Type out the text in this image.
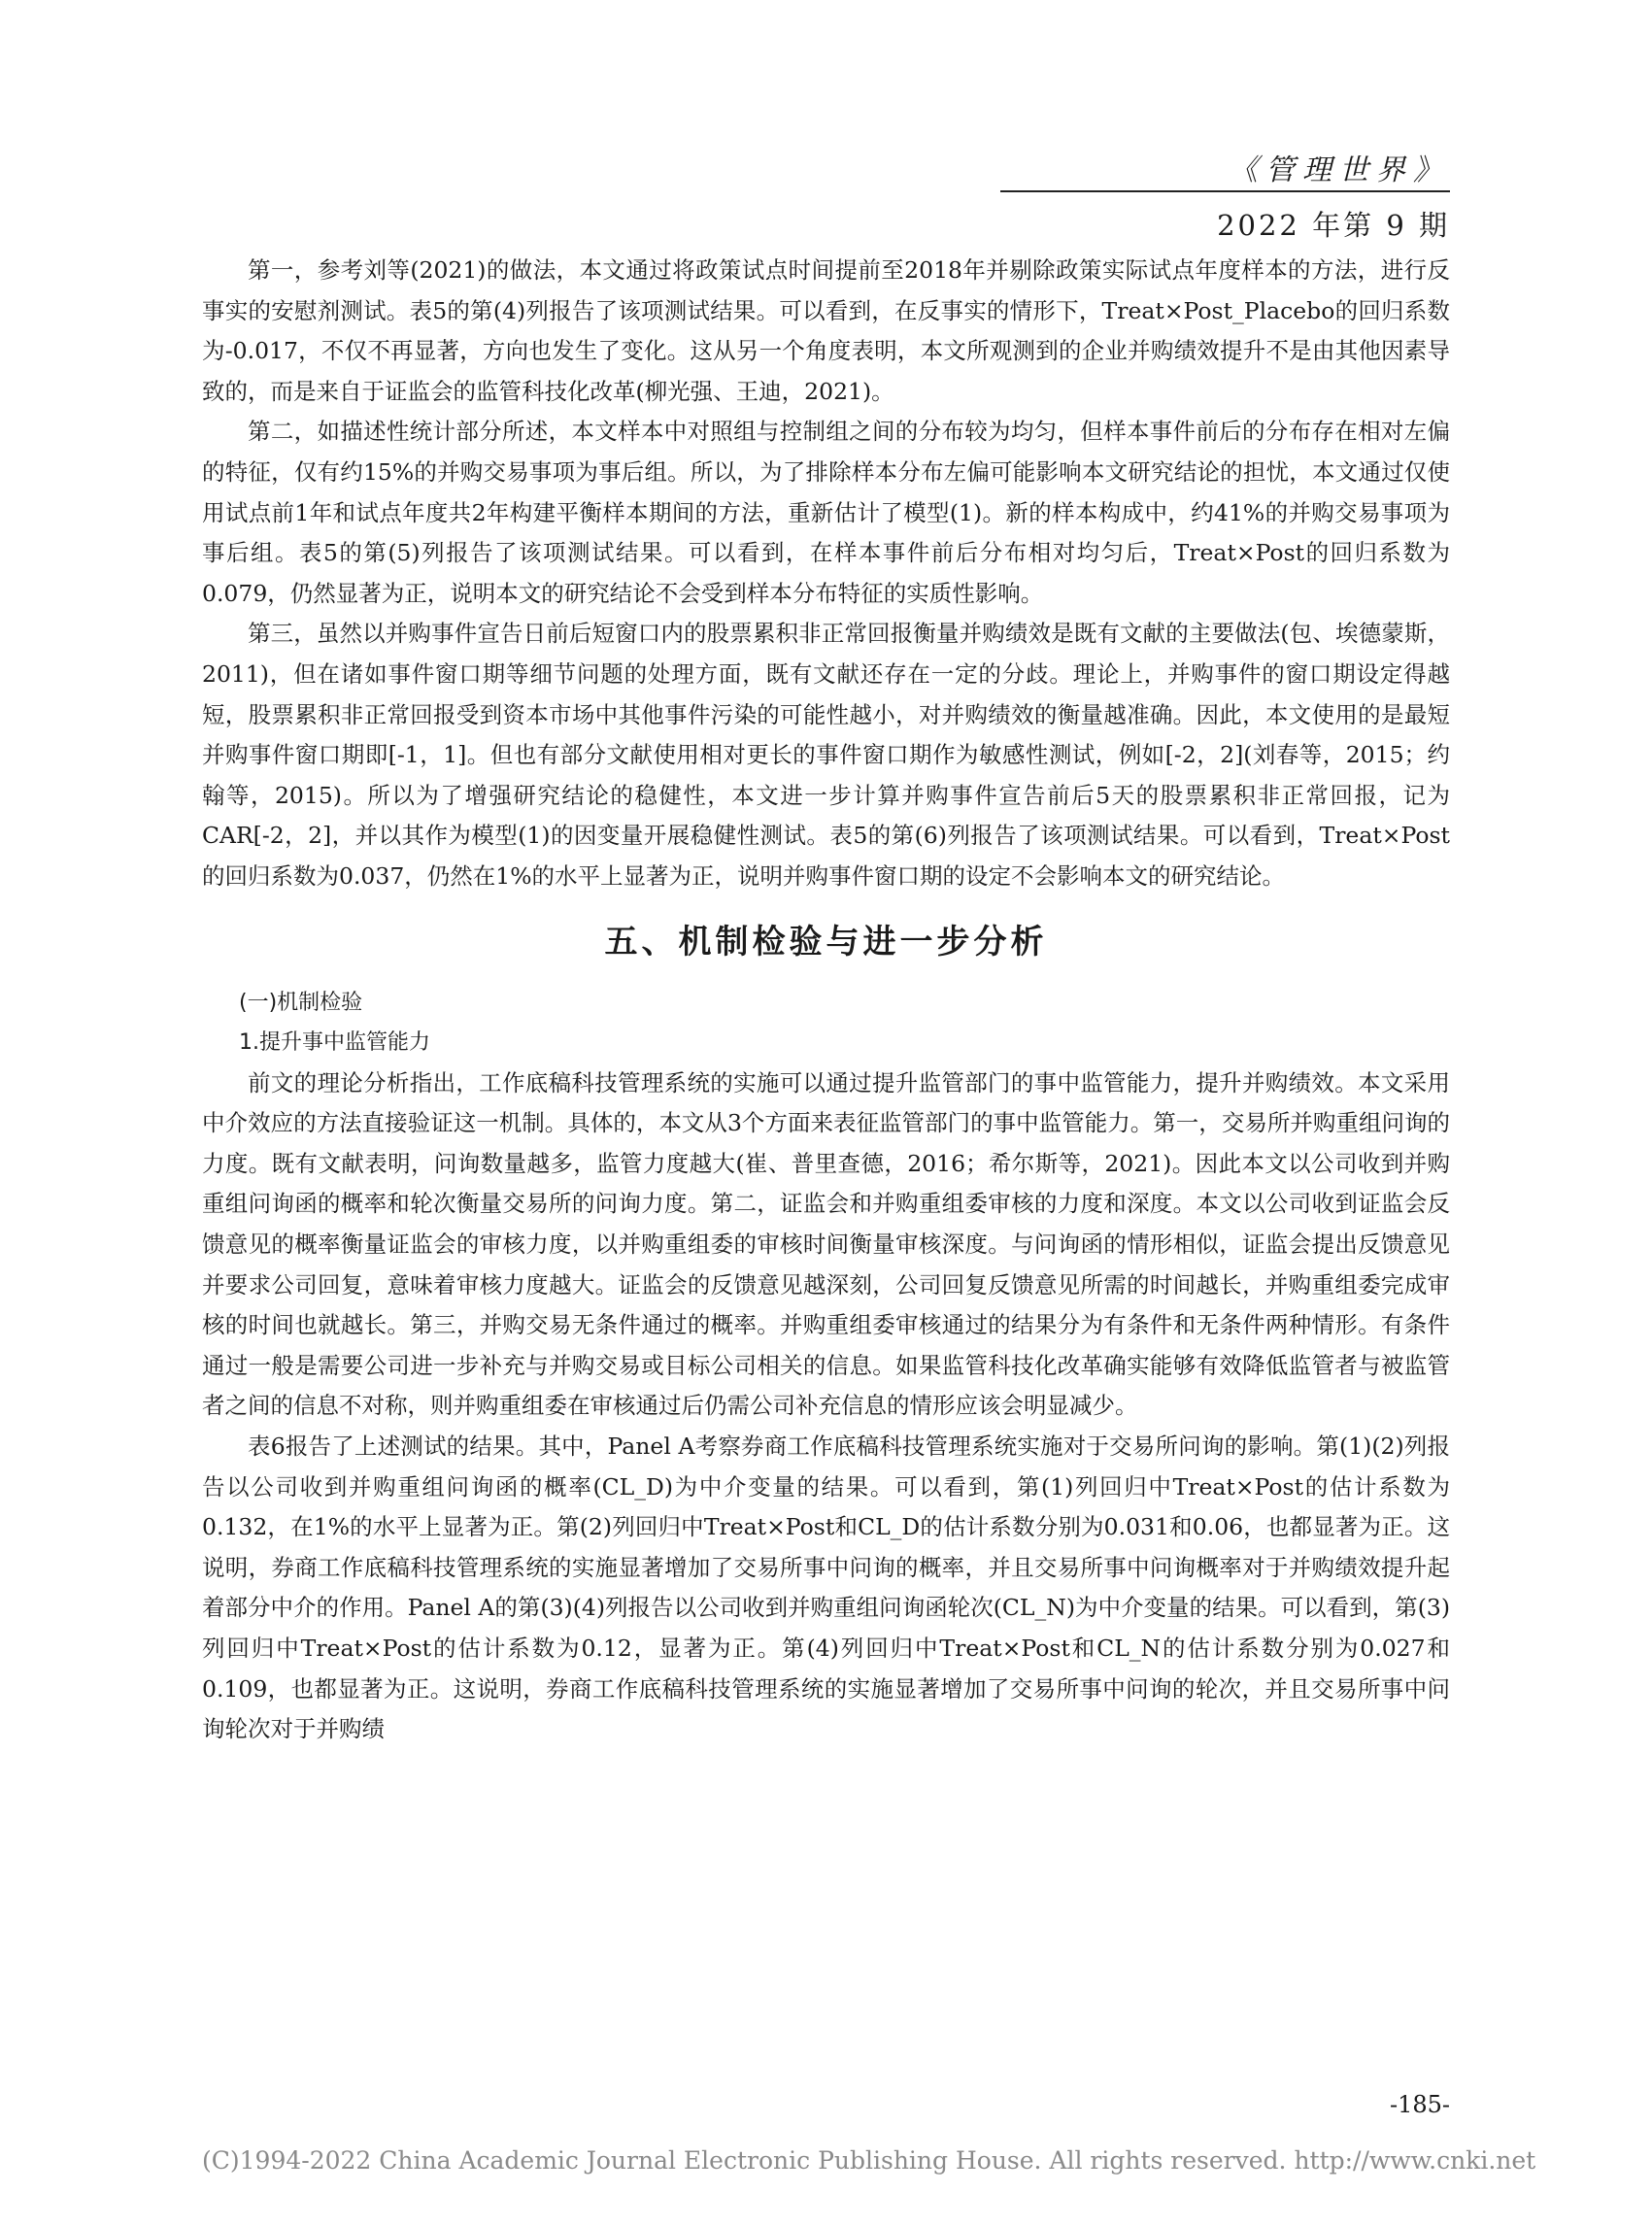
《管理世界》
2022 年第 9 期

第一，参考刘等(2021)的做法，本文通过将政策试点时间提前至2018年并剔除政策实际试点年度样本的方法，进行反事实的安慰剂测试。表5的第(4)列报告了该项测试结果。可以看到，在反事实的情形下，Treat×Post_Placebo的回归系数为-0.017，不仅不再显著，方向也发生了变化。这从另一个角度表明，本文所观测到的企业并购绩效提升不是由其他因素导致的，而是来自于证监会的监管科技化改革(柳光强、王迪，2021)。

第二，如描述性统计部分所述，本文样本中对照组与控制组之间的分布较为均匀，但样本事件前后的分布存在相对左偏的特征，仅有约15%的并购交易事项为事后组。所以，为了排除样本分布左偏可能影响本文研究结论的担忧，本文通过仅使用试点前1年和试点年度共2年构建平衡样本期间的方法，重新估计了模型(1)。新的样本构成中，约41%的并购交易事项为事后组。表5的第(5)列报告了该项测试结果。可以看到，在样本事件前后分布相对均匀后，Treat×Post的回归系数为0.079，仍然显著为正，说明本文的研究结论不会受到样本分布特征的实质性影响。

第三，虽然以并购事件宣告日前后短窗口内的股票累积非正常回报衡量并购绩效是既有文献的主要做法(包、埃德蒙斯，2011)，但在诸如事件窗口期等细节问题的处理方面，既有文献还存在一定的分歧。理论上，并购事件的窗口期设定得越短，股票累积非正常回报受到资本市场中其他事件污染的可能性越小，对并购绩效的衡量越准确。因此，本文使用的是最短并购事件窗口期即[-1，1]。但也有部分文献使用相对更长的事件窗口期作为敏感性测试，例如[-2，2](刘春等，2015；约翰等，2015)。所以为了增强研究结论的稳健性，本文进一步计算并购事件宣告前后5天的股票累积非正常回报，记为CAR[-2，2]，并以其作为模型(1)的因变量开展稳健性测试。表5的第(6)列报告了该项测试结果。可以看到，Treat×Post的回归系数为0.037，仍然在1%的水平上显著为正，说明并购事件窗口期的设定不会影响本文的研究结论。

五、机制检验与进一步分析

(一)机制检验

1.提升事中监管能力

前文的理论分析指出，工作底稿科技管理系统的实施可以通过提升监管部门的事中监管能力，提升并购绩效。本文采用中介效应的方法直接验证这一机制。具体的，本文从3个方面来表征监管部门的事中监管能力。第一，交易所并购重组问询的力度。既有文献表明，问询数量越多，监管力度越大(崔、普里查德，2016；希尔斯等，2021)。因此本文以公司收到并购重组问询函的概率和轮次衡量交易所的问询力度。第二，证监会和并购重组委审核的力度和深度。本文以公司收到证监会反馈意见的概率衡量证监会的审核力度，以并购重组委的审核时间衡量审核深度。与问询函的情形相似，证监会提出反馈意见并要求公司回复，意味着审核力度越大。证监会的反馈意见越深刻，公司回复反馈意见所需的时间越长，并购重组委完成审核的时间也就越长。第三，并购交易无条件通过的概率。并购重组委审核通过的结果分为有条件和无条件两种情形。有条件通过一般是需要公司进一步补充与并购交易或目标公司相关的信息。如果监管科技化改革确实能够有效降低监管者与被监管者之间的信息不对称，则并购重组委在审核通过后仍需公司补充信息的情形应该会明显减少。

表6报告了上述测试的结果。其中，Panel A考察券商工作底稿科技管理系统实施对于交易所问询的影响。第(1)(2)列报告以公司收到并购重组问询函的概率(CL_D)为中介变量的结果。可以看到，第(1)列回归中Treat×Post的估计系数为0.132，在1%的水平上显著为正。第(2)列回归中Treat×Post和CL_D的估计系数分别为0.031和0.06，也都显著为正。这说明，券商工作底稿科技管理系统的实施显著增加了交易所事中问询的概率，并且交易所事中问询概率对于并购绩效提升起着部分中介的作用。Panel A的第(3)(4)列报告以公司收到并购重组问询函轮次(CL_N)为中介变量的结果。可以看到，第(3)列回归中Treat×Post的估计系数为0.12，显著为正。第(4)列回归中Treat×Post和CL_N的估计系数分别为0.027和0.109，也都显著为正。这说明，券商工作底稿科技管理系统的实施显著增加了交易所事中问询的轮次，并且交易所事中问询轮次对于并购绩

-185-
(C)1994-2022 China Academic Journal Electronic Publishing House. All rights reserved. http://www.cnki.net
